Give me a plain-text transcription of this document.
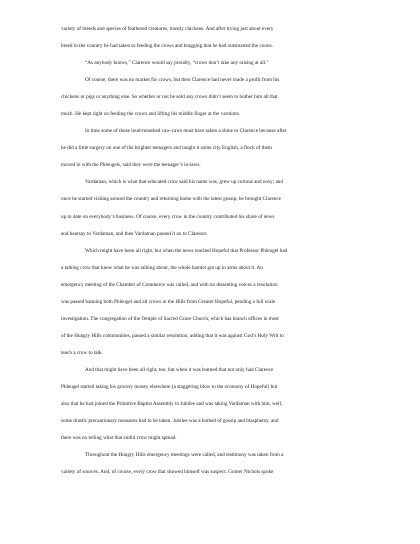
variety of breeds and species of feathered creatures, mostly chickens. And after trying just about every
breed in the country he had taken to feeding the crows and bragging that he had outsmarted the coons.
“As anybody knows,” Clarence would say proudly, “crows don’t take any raising at all.”
Of course, there was no market for crows, but then Clarence had never made a profit from his
chickens or pigs or anything else. So whether or not he sold any crows didn’t seem to bother him all that
much. He kept right on feeding the crows and lifting his middle finger at the varmints.
In time some of those loud-mouthed caw-caws must have taken a shine to Clarence because after
he did a little surgery on one of the brighter teenagers and taught it some city English, a flock of them
moved in with the Phleugels, said they were the teenager’s in-laws.
Vardaman, which is what that educated crow said his name was, grew up curious and nosy; and
once he started visiting around the country and returning home with the latest gossip, he brought Clarence
up to date on everybody’s business. Of course, every crow in the country contributed his share of news
and hearsay to Vardaman, and then Vardaman passed it on to Clarence.
Which might have been all right, but when the news reached Hopeful that Professor Phleugel had
a talking crow that knew what he was talking about, the whole hamlet got up in arms about it. An
emergency meeting of the Chamber of Commerce was called, and with no dissenting voices a resolution
was passed banning both Phleugel and all crows in the Hills from Greater Hopeful, pending a full scale
investigation. The congregation of the Temple of Sacred Grace Church, which has branch offices in most
of the Hungry Hills communities, passed a similar resolution, adding that it was against God’s Holy Writ to
teach a crow to talk.
And that might have been all right, too, but when it was learned that not only had Clarence
Phleugel started taking his grocery money elsewhere (a staggering blow to the economy of Hopeful) but
also that he had joined the Primitive Baptist Assembly in Jubilee and was taking Vardaman with him, well,
some drastic precautionary measures had to be taken. Jubilee was a hotbed of gossip and blasphemy, and
there was no telling what that sinful crow might spread.
Throughout the Hungry Hills emergency meetings were called, and testimony was taken from a
variety of sources. And, of course, every crow that showed himself was suspect. Gomer Nichols spoke
